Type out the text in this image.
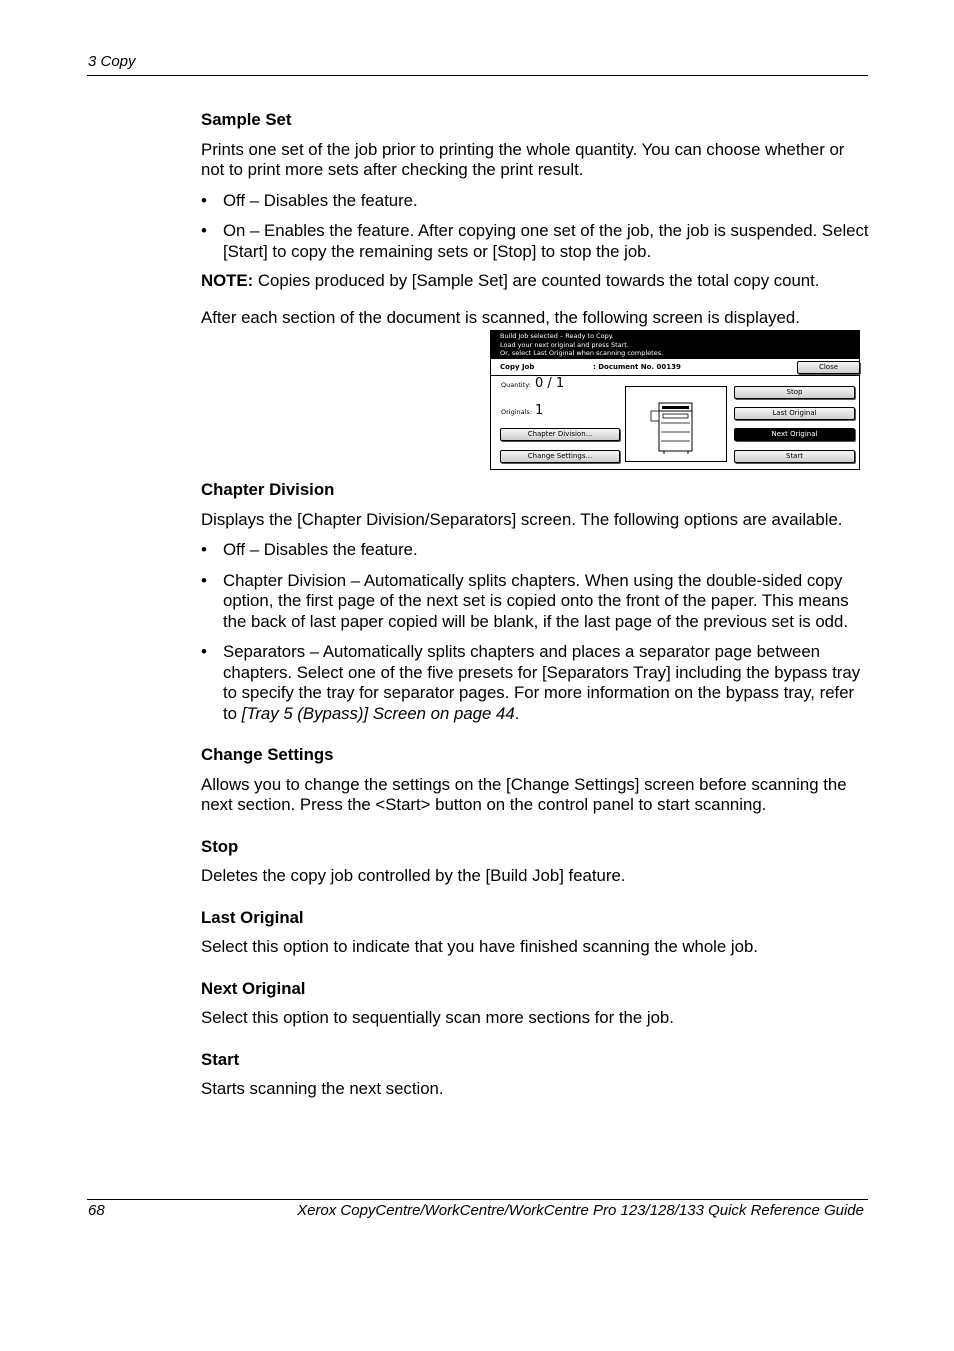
3 Copy

Sample Set

Prints one set of the job prior to printing the whole quantity. You can choose whether or not to print more sets after checking the print result.

• Off – Disables the feature.
• On – Enables the feature. After copying one set of the job, the job is suspended. Select [Start] to copy the remaining sets or [Stop] to stop the job.

NOTE: Copies produced by [Sample Set] are counted towards the total copy count.

After each section of the document is scanned, the following screen is displayed.

Chapter Division

Displays the [Chapter Division/Separators] screen. The following options are available.

• Off – Disables the feature.
• Chapter Division – Automatically splits chapters. When using the double-sided copy option, the first page of the next set is copied onto the front of the paper. This means the back of last paper copied will be blank, if the last page of the previous set is odd.
• Separators – Automatically splits chapters and places a separator page between chapters. Select one of the five presets for [Separators Tray] including the bypass tray to specify the tray for separator pages. For more information on the bypass tray, refer to [Tray 5 (Bypass)] Screen on page 44.

Change Settings

Allows you to change the settings on the [Change Settings] screen before scanning the next section. Press the <Start> button on the control panel to start scanning.

Stop

Deletes the copy job controlled by the [Build Job] feature.

Last Original

Select this option to indicate that you have finished scanning the whole job.

Next Original

Select this option to sequentially scan more sections for the job.

Start

Starts scanning the next section.

Build Job selected – Ready to Copy.
Load your next original and press Start.
Or, select Last Original when scanning completes.
Copy Job	: Document No. 00139	Close
Quantity: 0 / 1
Originals: 1
Chapter Division...
Change Settings...
Stop
Last Original
Next Original
Start
68	Xerox CopyCentre/WorkCentre/WorkCentre Pro 123/128/133 Quick Reference Guide
